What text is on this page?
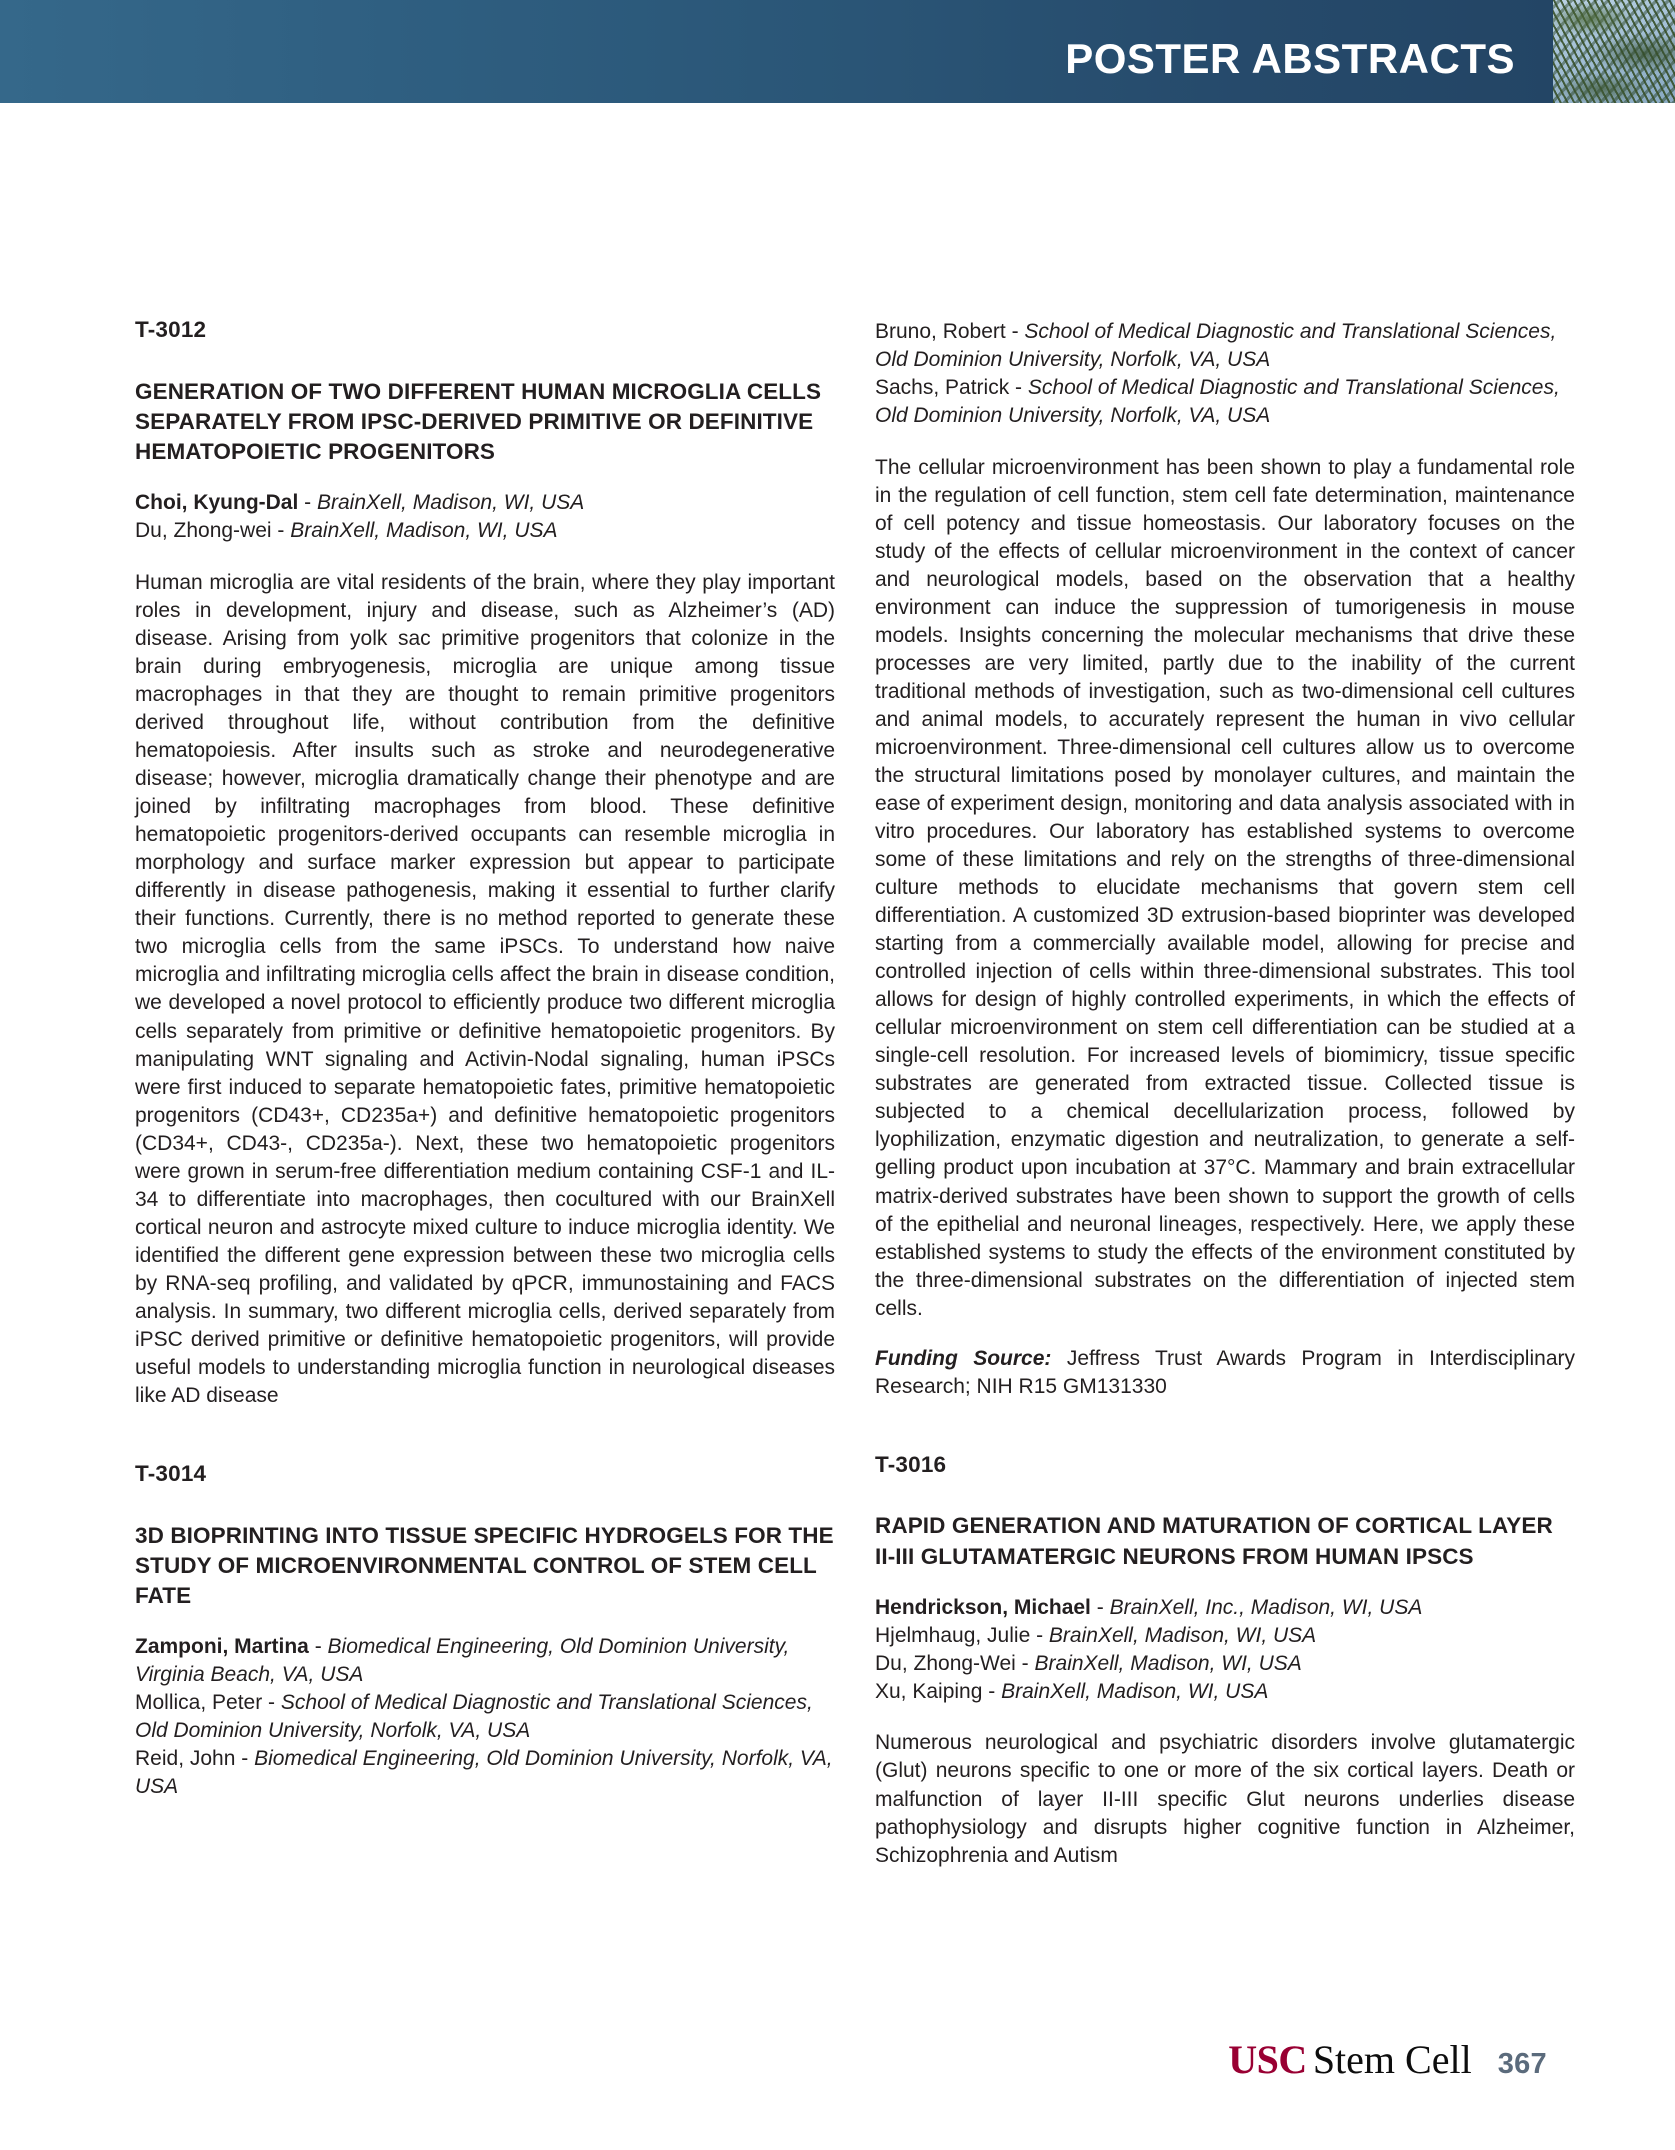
POSTER ABSTRACTS
T-3012
GENERATION OF TWO DIFFERENT HUMAN MICROGLIA CELLS SEPARATELY FROM IPSC-DERIVED PRIMITIVE OR DEFINITIVE HEMATOPOIETIC PROGENITORS
Choi, Kyung-Dal - BrainXell, Madison, WI, USA
Du, Zhong-wei - BrainXell, Madison, WI, USA

Human microglia are vital residents of the brain, where they play important roles in development, injury and disease, such as Alzheimer’s (AD) disease. Arising from yolk sac primitive progenitors that colonize in the brain during embryogenesis, microglia are unique among tissue macrophages in that they are thought to remain primitive progenitors derived throughout life, without contribution from the definitive hematopoiesis. After insults such as stroke and neurodegenerative disease; however, microglia dramatically change their phenotype and are joined by infiltrating macrophages from blood. These definitive hematopoietic progenitors-derived occupants can resemble microglia in morphology and surface marker expression but appear to participate differently in disease pathogenesis, making it essential to further clarify their functions. Currently, there is no method reported to generate these two microglia cells from the same iPSCs. To understand how naive microglia and infiltrating microglia cells affect the brain in disease condition, we developed a novel protocol to efficiently produce two different microglia cells separately from primitive or definitive hematopoietic progenitors. By manipulating WNT signaling and Activin-Nodal signaling, human iPSCs were first induced to separate hematopoietic fates, primitive hematopoietic progenitors (CD43+, CD235a+) and definitive hematopoietic progenitors (CD34+, CD43-, CD235a-). Next, these two hematopoietic progenitors were grown in serum-free differentiation medium containing CSF-1 and IL-34 to differentiate into macrophages, then cocultured with our BrainXell cortical neuron and astrocyte mixed culture to induce microglia identity. We identified the different gene expression between these two microglia cells by RNA-seq profiling, and validated by qPCR, immunostaining and FACS analysis. In summary, two different microglia cells, derived separately from iPSC derived primitive or definitive hematopoietic progenitors, will provide useful models to understanding microglia function in neurological diseases like AD disease

T-3014
3D BIOPRINTING INTO TISSUE SPECIFIC HYDROGELS FOR THE STUDY OF MICROENVIRONMENTAL CONTROL OF STEM CELL FATE
Zamponi, Martina - Biomedical Engineering, Old Dominion University, Virginia Beach, VA, USA
Mollica, Peter - School of Medical Diagnostic and Translational Sciences, Old Dominion University, Norfolk, VA, USA
Reid, John - Biomedical Engineering, Old Dominion University, Norfolk, VA, USA
Bruno, Robert - School of Medical Diagnostic and Translational Sciences, Old Dominion University, Norfolk, VA, USA
Sachs, Patrick - School of Medical Diagnostic and Translational Sciences, Old Dominion University, Norfolk, VA, USA

The cellular microenvironment has been shown to play a fundamental role in the regulation of cell function, stem cell fate determination, maintenance of cell potency and tissue homeostasis. Our laboratory focuses on the study of the effects of cellular microenvironment in the context of cancer and neurological models, based on the observation that a healthy environment can induce the suppression of tumorigenesis in mouse models. Insights concerning the molecular mechanisms that drive these processes are very limited, partly due to the inability of the current traditional methods of investigation, such as two-dimensional cell cultures and animal models, to accurately represent the human in vivo cellular microenvironment. Three-dimensional cell cultures allow us to overcome the structural limitations posed by monolayer cultures, and maintain the ease of experiment design, monitoring and data analysis associated with in vitro procedures. Our laboratory has established systems to overcome some of these limitations and rely on the strengths of three-dimensional culture methods to elucidate mechanisms that govern stem cell differentiation. A customized 3D extrusion-based bioprinter was developed starting from a commercially available model, allowing for precise and controlled injection of cells within three-dimensional substrates. This tool allows for design of highly controlled experiments, in which the effects of cellular microenvironment on stem cell differentiation can be studied at a single-cell resolution. For increased levels of biomimicry, tissue specific substrates are generated from extracted tissue. Collected tissue is subjected to a chemical decellularization process, followed by lyophilization, enzymatic digestion and neutralization, to generate a self-gelling product upon incubation at 37°C. Mammary and brain extracellular matrix-derived substrates have been shown to support the growth of cells of the epithelial and neuronal lineages, respectively. Here, we apply these established systems to study the effects of the environment constituted by the three-dimensional substrates on the differentiation of injected stem cells.

Funding Source: Jeffress Trust Awards Program in Interdisciplinary Research; NIH R15 GM131330

T-3016
RAPID GENERATION AND MATURATION OF CORTICAL LAYER II-III GLUTAMATERGIC NEURONS FROM HUMAN IPSCS
Hendrickson, Michael - BrainXell, Inc., Madison, WI, USA
Hjelmhaug, Julie - BrainXell, Madison, WI, USA
Du, Zhong-Wei - BrainXell, Madison, WI, USA
Xu, Kaiping - BrainXell, Madison, WI, USA

Numerous neurological and psychiatric disorders involve glutamatergic (Glut) neurons specific to one or more of the six cortical layers. Death or malfunction of layer II-III specific Glut neurons underlies disease pathophysiology and disrupts higher cognitive function in Alzheimer, Schizophrenia and Autism

USC Stem Cell 367
